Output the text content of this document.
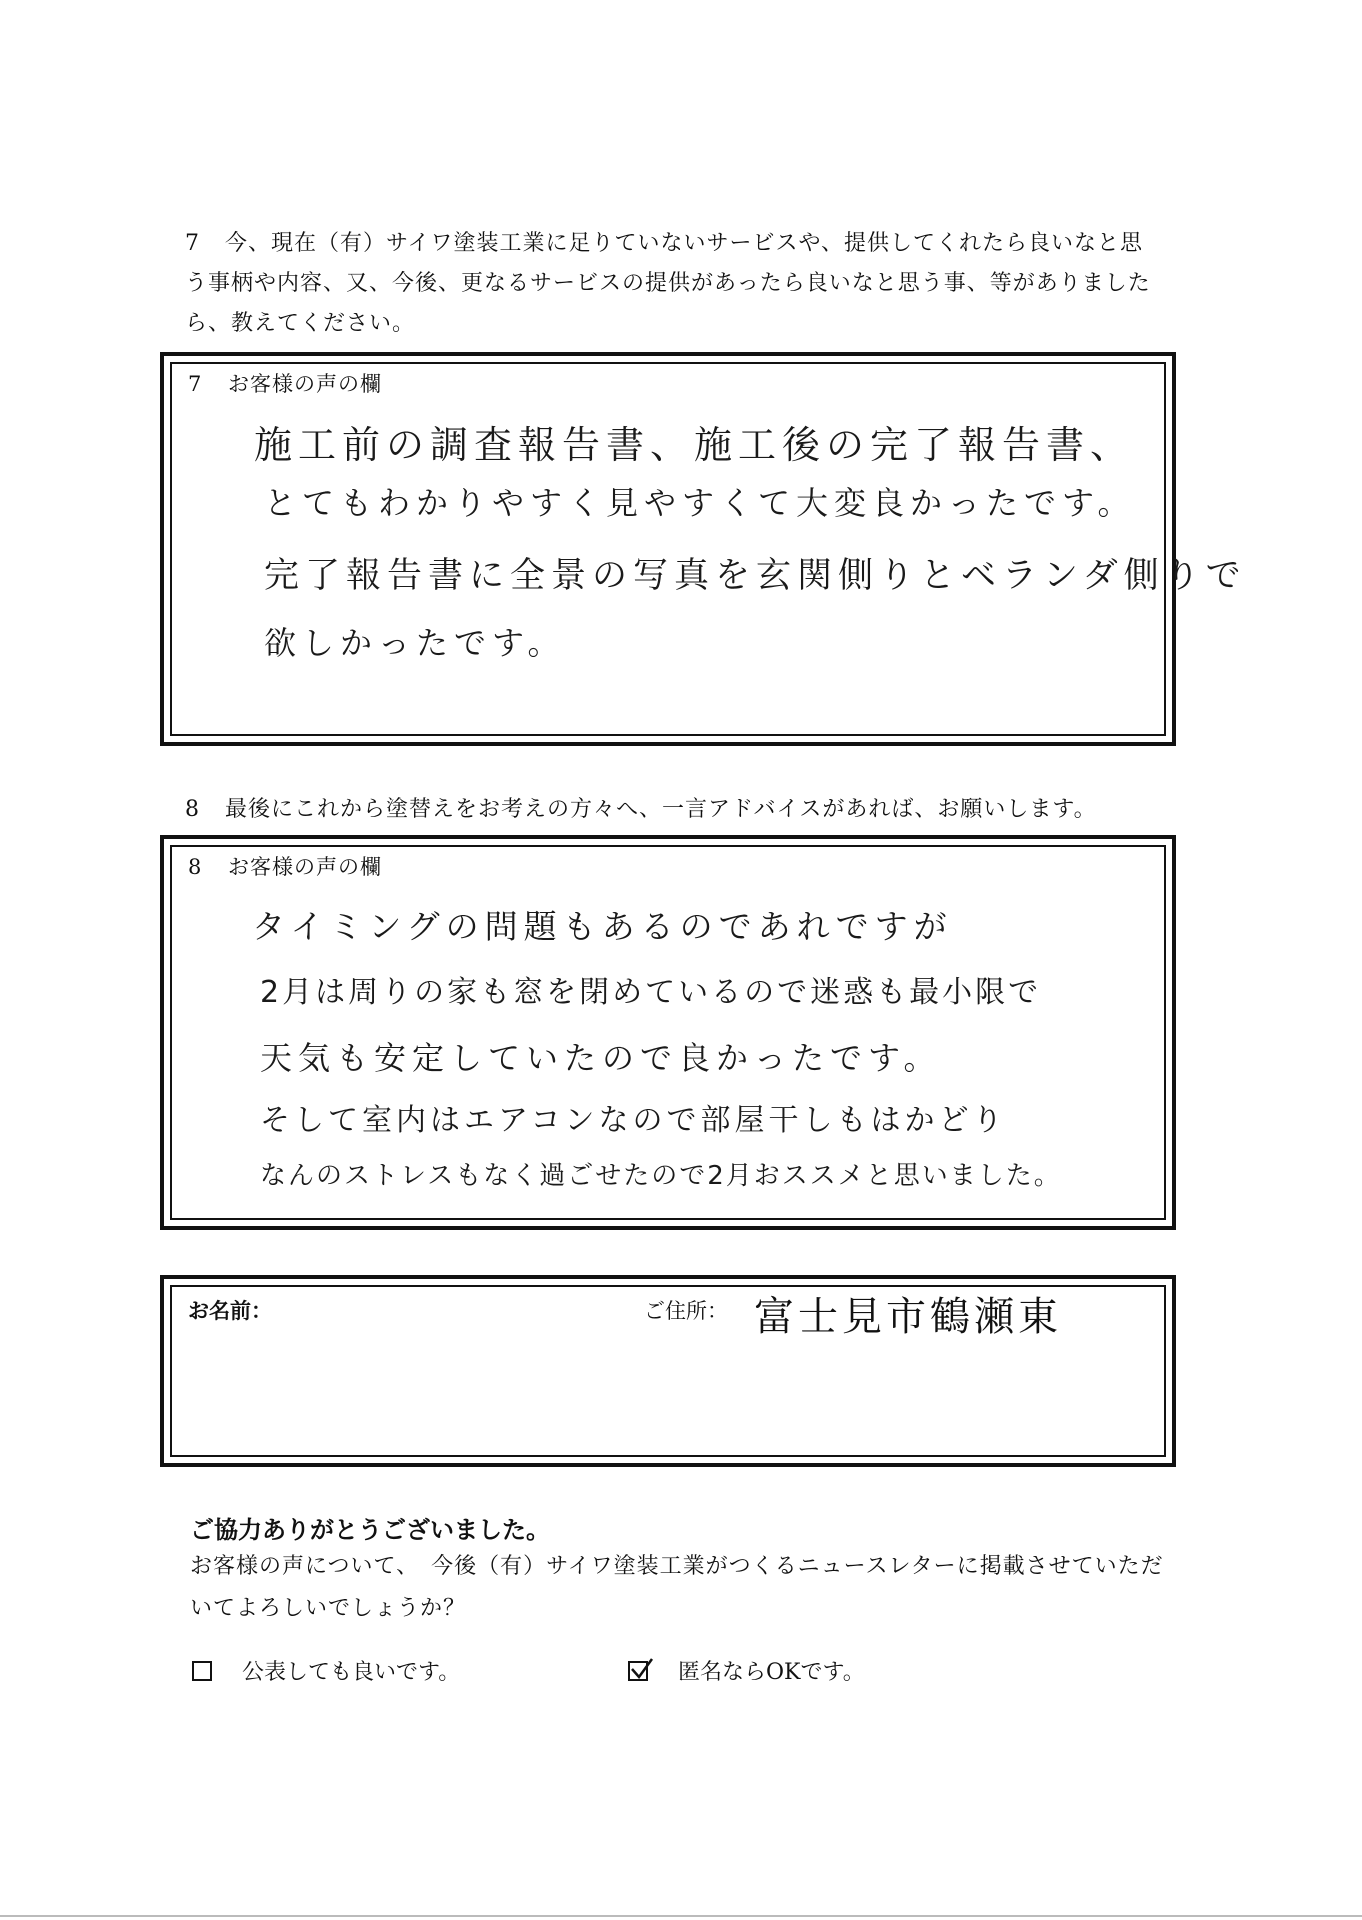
7 今、現在（有）サイワ塗装工業に足りていないサービスや、提供してくれたら良いなと思う事柄や内容、又、今後、更なるサービスの提供があったら良いなと思う事、等がありましたら、教えてください。
7 お客様の声の欄
施工前の調査報告書、施工後の完了報告書、
とてもわかりやすく見やすくて大変良かったです。
完了報告書に全景の写真を玄関側りとベランダ側りで
欲しかったです。
8 最後にこれから塗替えをお考えの方々へ、一言アドバイスがあれば、お願いします。
8 お客様の声の欄
タイミングの問題もあるのであれですが
2月は周りの家も窓を閉めているので迷惑も最小限で
天気も安定していたので良かったです。
そして室内はエアコンなので部屋干しもはかどり
なんのストレスもなく過ごせたので2月おススメと思いました。
お名前：	ご住所： 富士見市鶴瀬東
ご協力ありがとうございました。
お客様の声について、　今後（有）サイワ塗装工業がつくるニュースレターに掲載させていただいてよろしいでしょうか？
公表しても良いです。	匿名ならOKです。
